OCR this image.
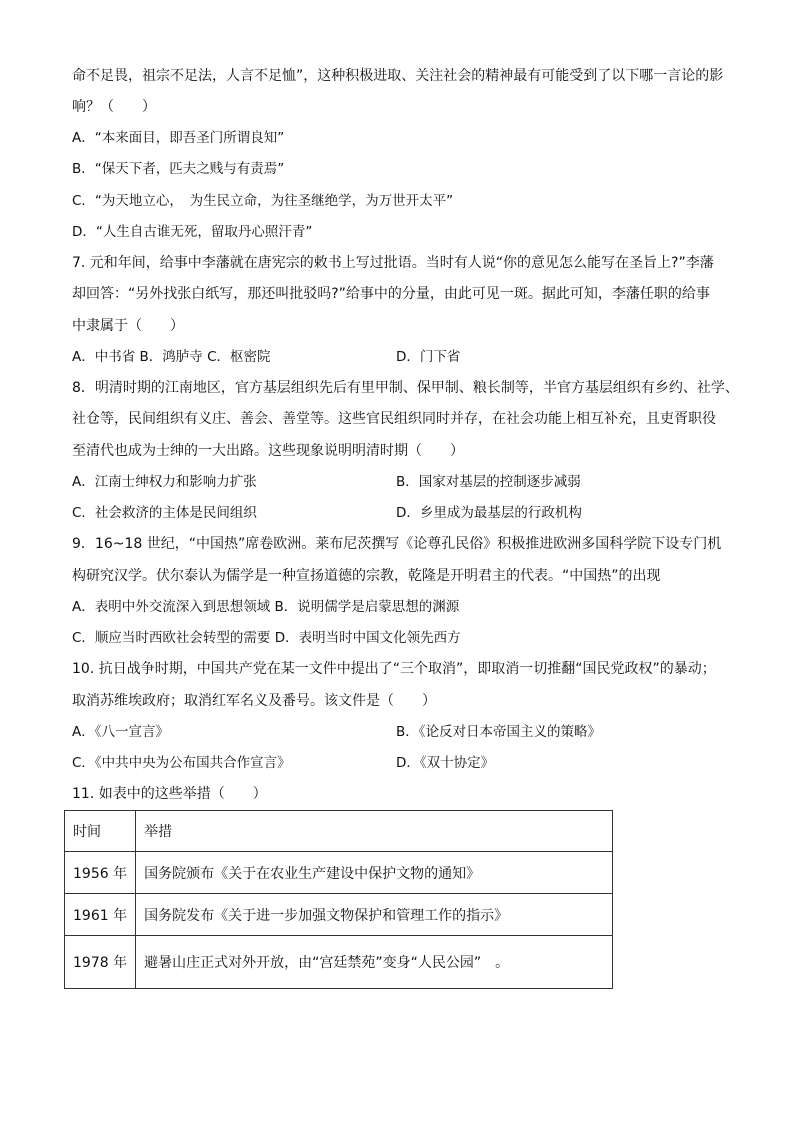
命不足畏，祖宗不足法，人言不足恤”，这种积极进取、关注社会的精神最有可能受到了以下哪一言论的影
响？（　　）
A．“本来面目，即吾圣门所谓良知”
B．“保天下者，匹夫之贱与有责焉”
C．“为天地立心，　为生民立命，为往圣继绝学，为万世开太平”
D．“人生自古谁无死，留取丹心照汗青”
7. 元和年间，给事中李藩就在唐宪宗的敕书上写过批语。当时有人说“你的意见怎么能写在圣旨上?”李藩
却回答：“另外找张白纸写，那还叫批驳吗?”给事中的分量，由此可见一斑。据此可知，李藩任职的给事
中隶属于（　　）
A．中书省 B．鸿胪寺 C．枢密院	D．门下省
8．明清时期的江南地区，官方基层组织先后有里甲制、保甲制、粮长制等，半官方基层组织有乡约、社学、
社仓等，民间组织有义庄、善会、善堂等。这些官民组织同时并存，在社会功能上相互补充，且吏胥职役
至清代也成为士绅的一大出路。这些现象说明明清时期（　　）
A．江南士绅权力和影响力扩张	B．国家对基层的控制逐步减弱
C．社会救济的主体是民间组织	D．乡里成为最基层的行政机构
9．16~18 世纪，“中国热”席卷欧洲。莱布尼茨撰写《论尊孔民俗》积极推进欧洲多国科学院下设专门机
构研究汉学。伏尔泰认为儒学是一种宣扬道德的宗教，乾隆是开明君主的代表。“中国热”的出现
A．表明中外交流深入到思想领域 B．说明儒学是启蒙思想的渊源
C．顺应当时西欧社会转型的需要 D．表明当时中国文化领先西方
10. 抗日战争时期，中国共产党在某一文件中提出了“三个取消”，即取消一切推翻“国民党政权”的暴动；
取消苏维埃政府；取消红军名义及番号。该文件是（　　）
A．《八一宣言》	B．《论反对日本帝国主义的策略》
C．《中共中央为公布国共合作宣言》	D．《双十协定》
11. 如表中的这些举措（　　）
时间	举措
1956 年	国务院颁布《关于在农业生产建设中保护文物的通知》
1961 年	国务院发布《关于进一步加强文物保护和管理工作的指示》
1978 年	避暑山庄正式对外开放，由“宫廷禁苑”变身“人民公园”　。
